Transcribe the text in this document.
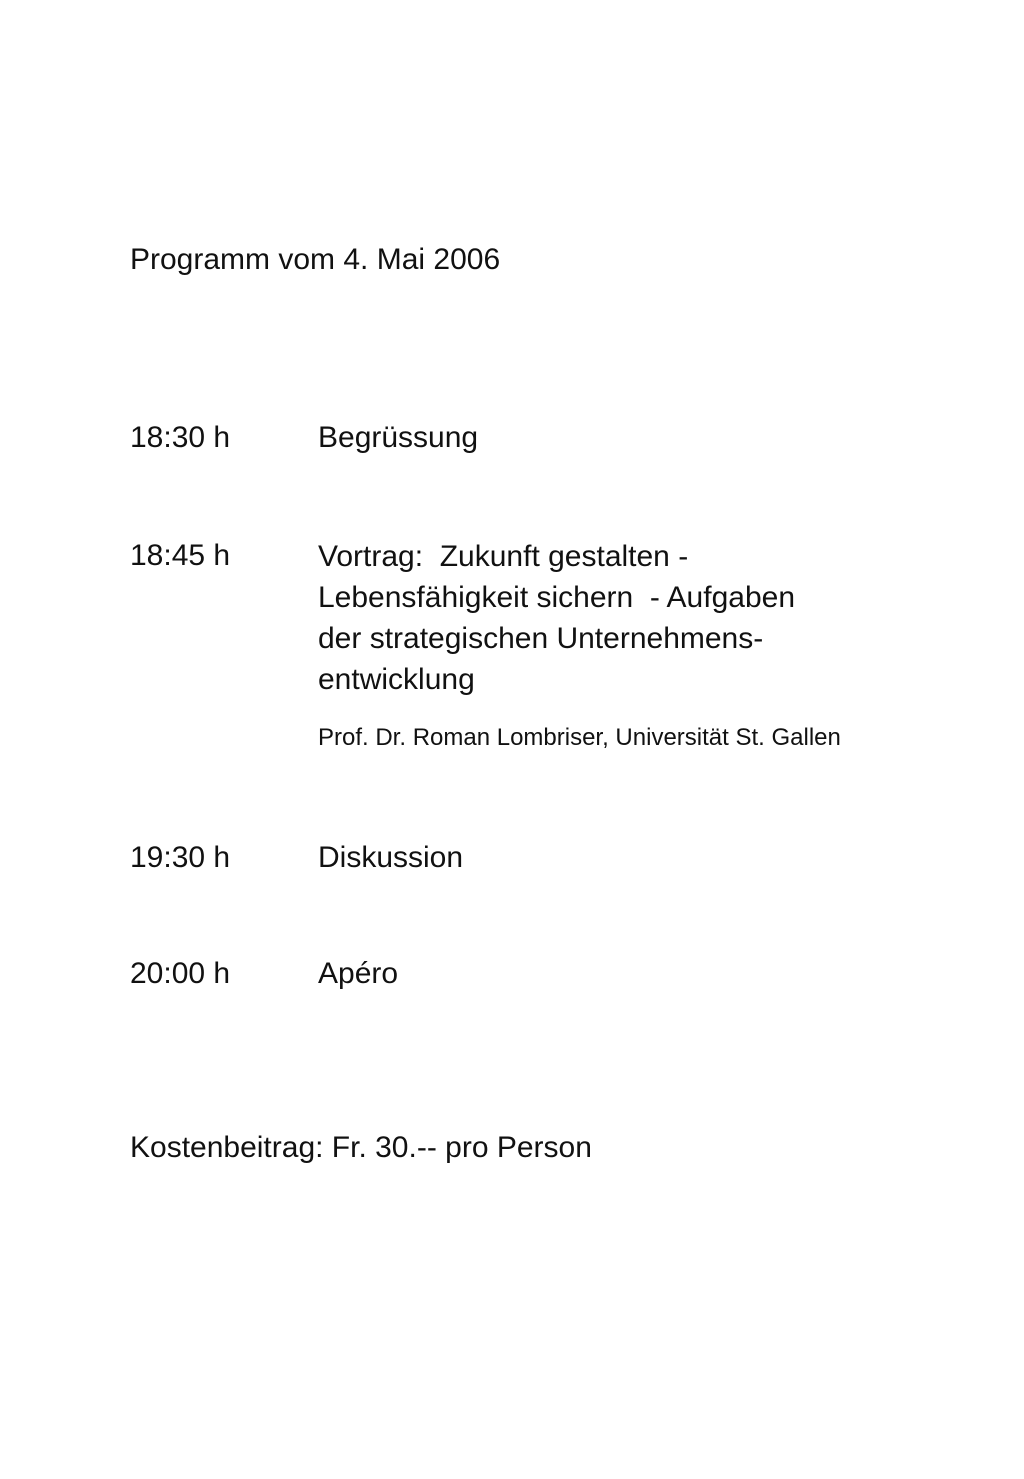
Programm vom 4. Mai 2006
18:30 h	Begrüssung
18:45 h	Vortrag:  Zukunft gestalten -
Lebensfähigkeit sichern  - Aufgaben
der strategischen Unternehmens-
entwicklung
Prof. Dr. Roman Lombriser, Universität St. Gallen
19:30 h	Diskussion
20:00 h	Apéro
Kostenbeitrag: Fr. 30.-- pro Person
